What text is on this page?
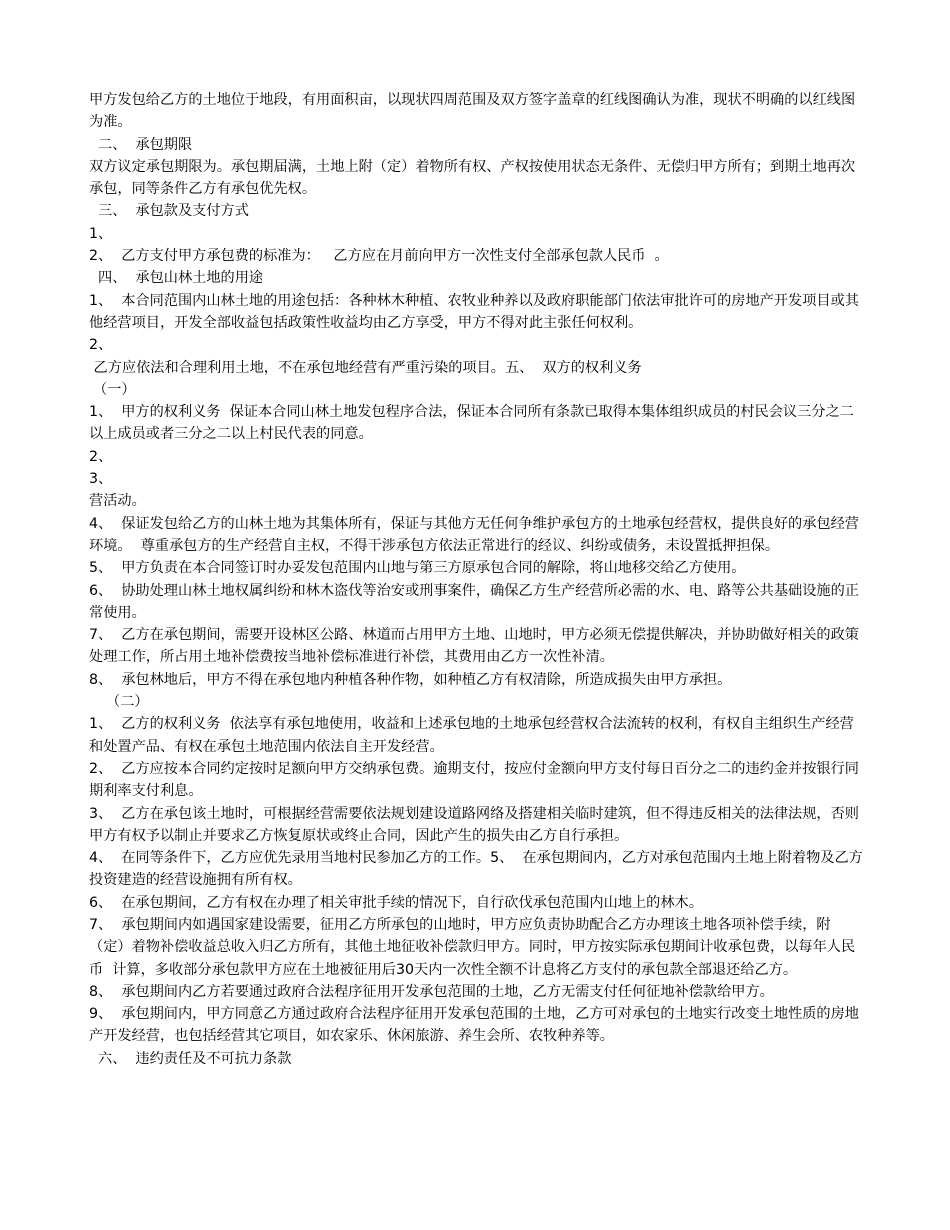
甲方发包给乙方的土地位于地段，有用面积亩，以现状四周范围及双方签字盖章的红线图确认为准，现状不明确的以红线图为准。

二、  承包期限

双方议定承包期限为。承包期届满，土地上附（定）着物所有权、产权按使用状态无条件、无偿归甲方所有；到期土地再次承包，同等条件乙方有承包优先权。

三、  承包款及支付方式

1、

2、  乙方支付甲方承包费的标准为：   乙方应在月前向甲方一次性支付全部承包款人民币  。

四、  承包山林土地的用途

1、  本合同范围内山林土地的用途包括：各种林木种植、农牧业种养以及政府职能部门依法审批许可的房地产开发项目或其他经营项目，开发全部收益包括政策性收益均由乙方享受，甲方不得对此主张任何权利。

2、

乙方应依法和合理利用土地，不在承包地经营有严重污染的项目。五、  双方的权利义务

（一）

1、  甲方的权利义务  保证本合同山林土地发包程序合法，保证本合同所有条款已取得本集体组织成员的村民会议三分之二以上成员或者三分之二以上村民代表的同意。

2、

3、

营活动。

4、  保证发包给乙方的山林土地为其集体所有，保证与其他方无任何争维护承包方的土地承包经营权，提供良好的承包经营环境。  尊重承包方的生产经营自主权，不得干涉承包方依法正常进行的经议、纠纷或债务，未设置抵押担保。

5、  甲方负责在本合同签订时办妥发包范围内山地与第三方原承包合同的解除，将山地移交给乙方使用。

6、  协助处理山林土地权属纠纷和林木盗伐等治安或刑事案件，确保乙方生产经营所必需的水、电、路等公共基础设施的正常使用。

7、  乙方在承包期间，需要开设林区公路、林道而占用甲方土地、山地时，甲方必须无偿提供解决，并协助做好相关的政策处理工作，所占用土地补偿费按当地补偿标准进行补偿，其费用由乙方一次性补清。

8、  承包林地后，甲方不得在承包地内种植各种作物，如种植乙方有权清除，所造成损失由甲方承担。

（二）

1、  乙方的权利义务  依法享有承包地使用，收益和上述承包地的土地承包经营权合法流转的权利，有权自主组织生产经营和处置产品、有权在承包土地范围内依法自主开发经营。

2、  乙方应按本合同约定按时足额向甲方交纳承包费。逾期支付，按应付金额向甲方支付每日百分之二的违约金并按银行同期利率支付利息。

3、  乙方在承包该土地时，可根据经营需要依法规划建设道路网络及搭建相关临时建筑，但不得违反相关的法律法规，否则甲方有权予以制止并要求乙方恢复原状或终止合同，因此产生的损失由乙方自行承担。

4、  在同等条件下，乙方应优先录用当地村民参加乙方的工作。5、  在承包期间内，乙方对承包范围内土地上附着物及乙方投资建造的经营设施拥有所有权。

6、  在承包期间，乙方有权在办理了相关审批手续的情况下，自行砍伐承包范围内山地上的林木。

7、  承包期间内如遇国家建设需要，征用乙方所承包的山地时，甲方应负责协助配合乙方办理该土地各项补偿手续，附（定）着物补偿收益总收入归乙方所有，其他土地征收补偿款归甲方。同时，甲方按实际承包期间计收承包费，以每年人民币  计算，多收部分承包款甲方应在土地被征用后30天内一次性全额不计息将乙方支付的承包款全部退还给乙方。

8、  承包期间内乙方若要通过政府合法程序征用开发承包范围的土地，乙方无需支付任何征地补偿款给甲方。

9、  承包期间内，甲方同意乙方通过政府合法程序征用开发承包范围的土地，乙方可对承包的土地实行改变土地性质的房地产开发经营，也包括经营其它项目，如农家乐、休闲旅游、养生会所、农牧种养等。

六、  违约责任及不可抗力条款
